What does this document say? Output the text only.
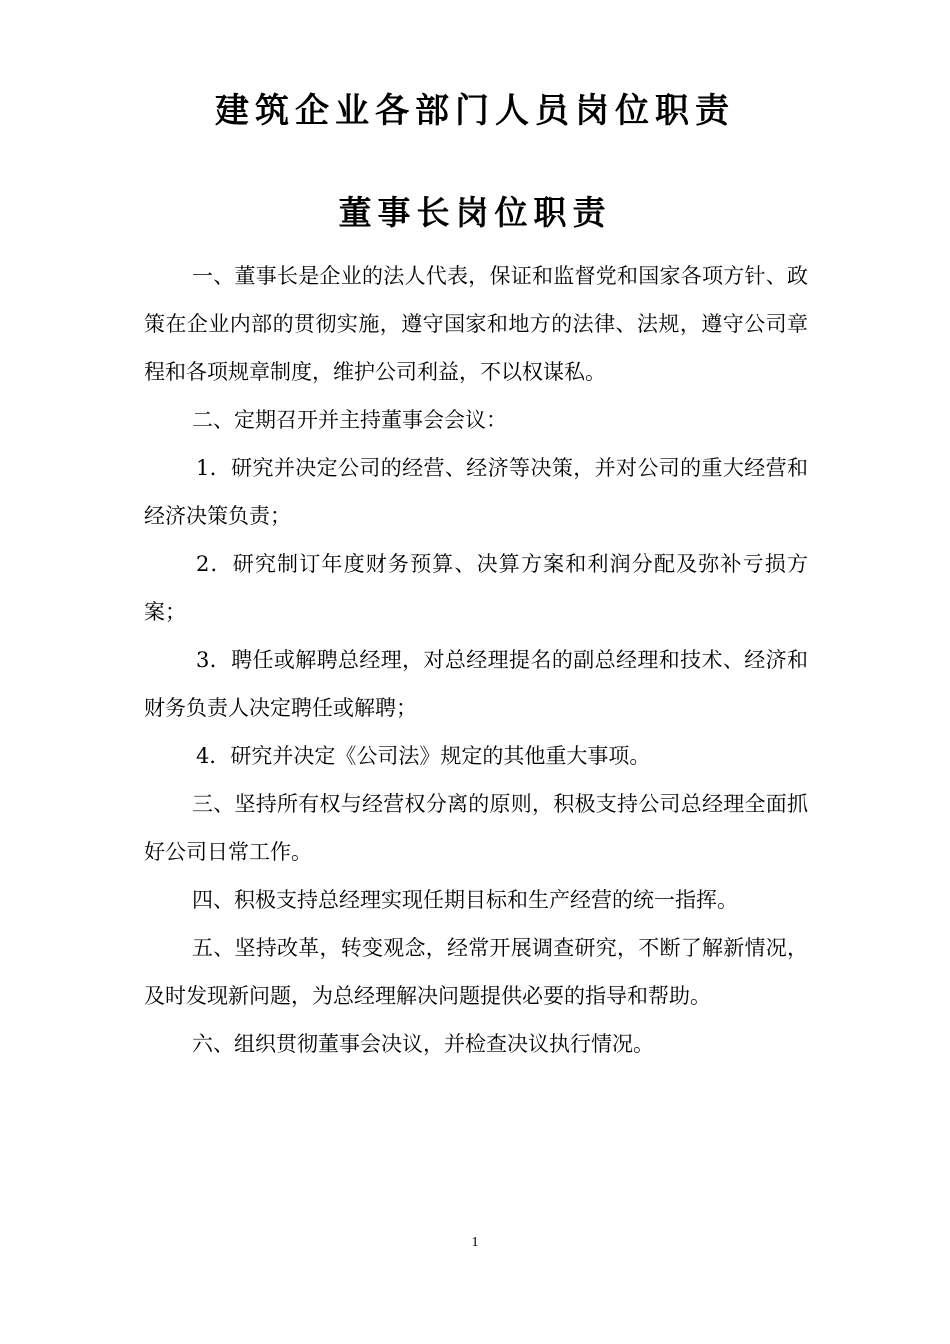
建筑企业各部门人员岗位职责
董事长岗位职责

一、董事长是企业的法人代表，保证和监督党和国家各项方针、政策在企业内部的贯彻实施，遵守国家和地方的法律、法规，遵守公司章程和各项规章制度，维护公司利益，不以权谋私。

二、定期召开并主持董事会会议：

1．研究并决定公司的经营、经济等决策，并对公司的重大经营和经济决策负责；

2．研究制订年度财务预算、决算方案和利润分配及弥补亏损方案；

3．聘任或解聘总经理，对总经理提名的副总经理和技术、经济和财务负责人决定聘任或解聘；

4．研究并决定《公司法》规定的其他重大事项。

三、坚持所有权与经营权分离的原则，积极支持公司总经理全面抓好公司日常工作。

四、积极支持总经理实现任期目标和生产经营的统一指挥。

五、坚持改革，转变观念，经常开展调查研究，不断了解新情况，及时发现新问题，为总经理解决问题提供必要的指导和帮助。

六、组织贯彻董事会决议，并检查决议执行情况。

1
